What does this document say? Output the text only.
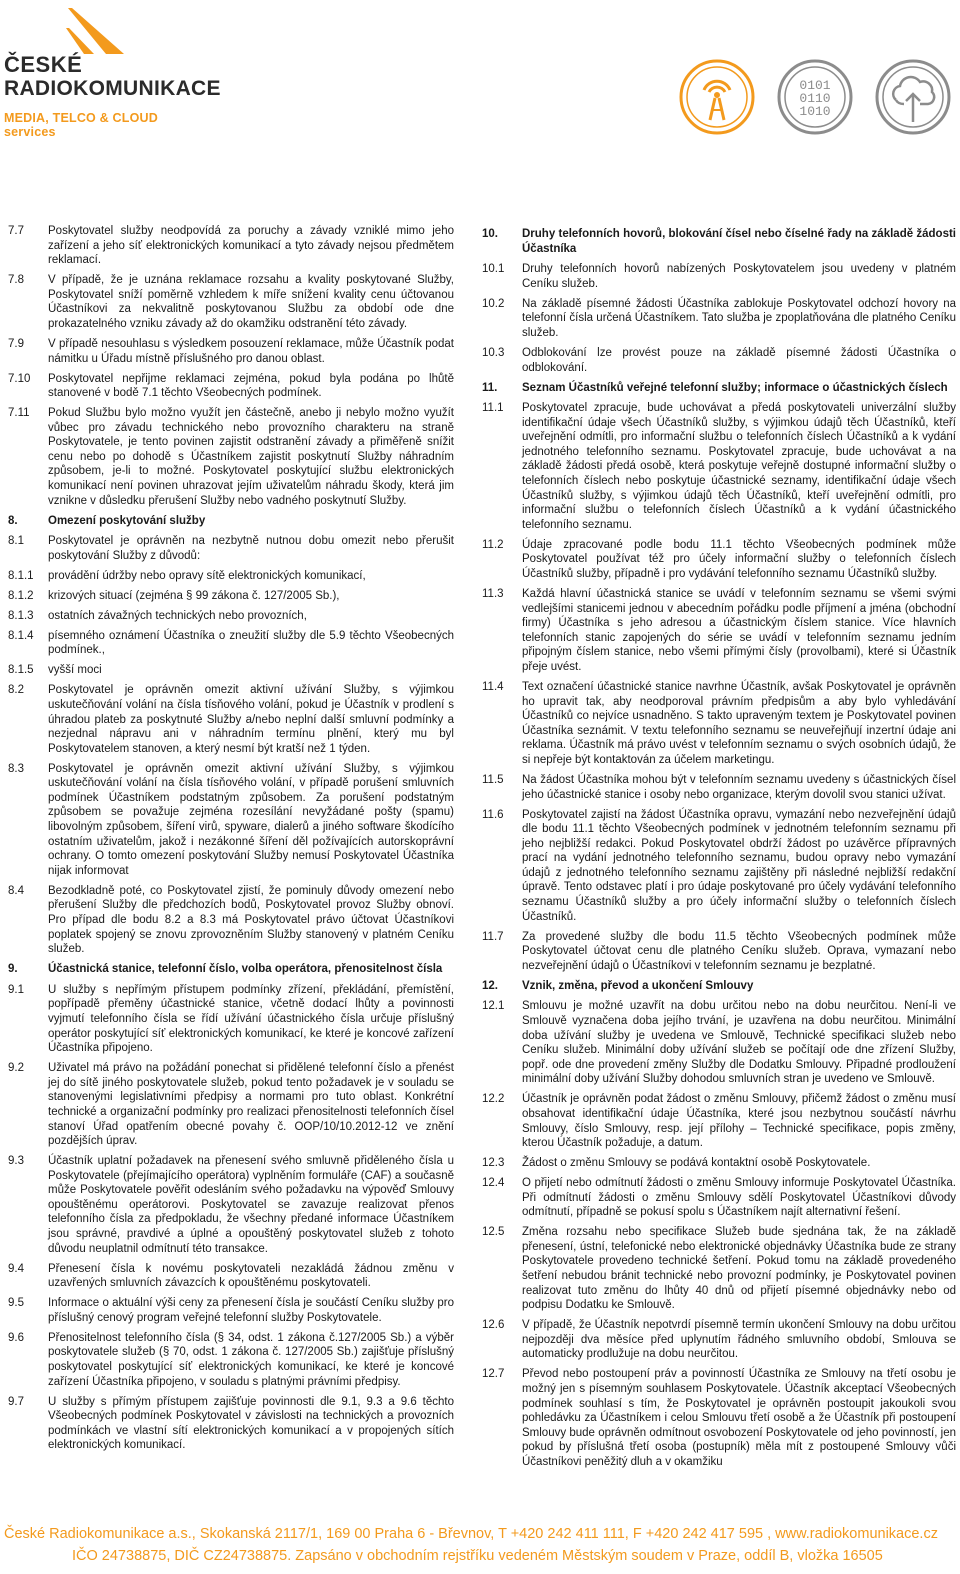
ČESKÉ
RADIOKOMUNIKACE
MEDIA, TELCO & CLOUD services
0101
0110
1010
7.7	Poskytovatel služby neodpovídá za poruchy a závady vzniklé mimo jeho zařízení a jeho síť elektronických komunikací a tyto závady nejsou předmětem reklamací.
7.8	V případě, že je uznána reklamace rozsahu a kvality poskytované Služby, Poskytovatel sníží poměrně vzhledem k míře snížení kvality cenu účtovanou Účastníkovi za nekvalitně poskytovanou Službu za období ode dne prokazatelného vzniku závady až do okamžiku odstranění této závady.
7.9	V případě nesouhlasu s výsledkem posouzení reklamace, může Účastník podat námitku u Úřadu místně příslušného pro danou oblast.
7.10	Poskytovatel nepřijme reklamaci zejména, pokud byla podána po lhůtě stanovené v bodě 7.1 těchto Všeobecných podmínek.
7.11	Pokud Službu bylo možno využít jen částečně, anebo ji nebylo možno využít vůbec pro závadu technického nebo provozního charakteru na straně Poskytovatele, je tento povinen zajistit odstranění závady a přiměřeně snížit cenu nebo po dohodě s Účastníkem zajistit poskytnutí Služby náhradním způsobem, je-li to možné. Poskytovatel poskytující službu elektronických komunikací není povinen uhrazovat jejím uživatelům náhradu škody, která jim vznikne v důsledku přerušení Služby nebo vadného poskytnutí Služby.
8.	Omezení poskytování služby
8.1	Poskytovatel je oprávněn na nezbytně nutnou dobu omezit nebo přerušit poskytování Služby z důvodů:
8.1.1	provádění údržby nebo opravy sítě elektronických komunikací,
8.1.2	krizových situací (zejména § 99 zákona č. 127/2005 Sb.),
8.1.3	ostatních závažných technických nebo provozních,
8.1.4	písemného oznámení Účastníka o zneužití služby dle 5.9 těchto Všeobecných podmínek.,
8.1.5	vyšší moci
8.2	Poskytovatel je oprávněn omezit aktivní užívání Služby, s výjimkou uskutečňování volání na čísla tísňového volání, pokud je Účastník v prodlení s úhradou plateb za poskytnuté Služby a/nebo neplní další smluvní podmínky a nezjednal nápravu ani v náhradním termínu plnění, který mu byl Poskytovatelem stanoven, a který nesmí být kratší než 1 týden.
8.3	Poskytovatel je oprávněn omezit aktivní užívání Služby, s výjimkou uskutečňování volání na čísla tísňového volání, v případě porušení smluvních podmínek Účastníkem podstatným způsobem. Za porušení podstatným způsobem se považuje zejména rozesílání nevyžádané pošty (spamu) libovolným způsobem, šíření virů, spyware, dialerů a jiného software škodícího ostatním uživatelům, jakož i nezákonné šíření děl požívajících autorskoprávní ochrany. O tomto omezení poskytování Služby nemusí Poskytovatel Účastníka nijak informovat
8.4	Bezodkladně poté, co Poskytovatel zjistí, že pominuly důvody omezení nebo přerušení Služby dle předchozích bodů, Poskytovatel provoz Služby obnoví. Pro případ dle bodu 8.2 a 8.3 má Poskytovatel právo účtovat Účastníkovi poplatek spojený se znovu zprovozněním Služby stanovený v platném Ceníku služeb.
9.	Účastnická stanice, telefonní číslo, volba operátora, přenositelnost čísla
9.1	U služby s nepřímým přístupem podmínky zřízení, překládání, přemístění, popřípadě přeměny účastnické stanice, včetně dodací lhůty a povinnosti vyjmutí telefonního čísla se řídí užívání účastnického čísla určuje příslušný operátor poskytující síť elektronických komunikací, ke které je koncové zařízení Účastníka připojeno.
9.2	Uživatel má právo na požádání ponechat si přidělené telefonní číslo a přenést jej do sítě jiného poskytovatele služeb, pokud tento požadavek je v souladu se stanovenými legislativními předpisy a normami pro tuto oblast. Konkrétní technické a organizační podmínky pro realizaci přenositelnosti telefonních čísel stanoví Úřad opatřením obecné povahy č. OOP/10/10.2012-12 ve znění pozdějších úprav.
9.3	Účastník uplatní požadavek na přenesení svého smluvně přiděleného čísla u Poskytovatele (přejímajícího operátora) vyplněním formuláře (CAF) a současně může Poskytovatele pověřit odesláním svého požadavku na výpověď Smlouvy opouštěnému operátorovi. Poskytovatel se zavazuje realizovat přenos telefonního čísla za předpokladu, že všechny předané informace Účastníkem jsou správné, pravdivé a úplné a opouštěný poskytovatel služeb z tohoto důvodu neuplatnil odmítnutí této transakce.
9.4	Přenesení čísla k novému poskytovateli nezakládá žádnou změnu v uzavřených smluvních závazcích k opouštěnému poskytovateli.
9.5	Informace o aktuální výši ceny za přenesení čísla je součástí Ceníku služby pro příslušný cenový program veřejné telefonní služby Poskytovatele.
9.6	Přenositelnost telefonního čísla (§ 34, odst. 1 zákona č.127/2005 Sb.) a výběr poskytovatele služeb (§ 70, odst. 1 zákona č. 127/2005 Sb.) zajišťuje příslušný poskytovatel poskytující síť elektronických komunikací, ke které je koncové zařízení Účastníka připojeno, v souladu s platnými právními předpisy.
9.7	U služby s přímým přístupem zajišťuje povinnosti dle 9.1, 9.3 a 9.6 těchto Všeobecných podmínek Poskytovatel v závislosti na technických a provozních podmínkách ve vlastní sítí elektronických komunikací a v propojených sítích elektronických komunikací.
10.	Druhy telefonních hovorů, blokování čísel nebo číselné řady na základě žádosti Účastníka
10.1	Druhy telefonních hovorů nabízených Poskytovatelem jsou uvedeny v platném Ceníku služeb.
10.2	Na základě písemné žádosti Účastníka zablokuje Poskytovatel odchozí hovory na telefonní čísla určená Účastníkem. Tato služba je zpoplatňována dle platného Ceníku služeb.
10.3	Odblokování lze provést pouze na základě písemné žádosti Účastníka o odblokování.
11.	Seznam Účastníků veřejné telefonní služby; informace o účastnických číslech
11.1	Poskytovatel zpracuje, bude uchovávat a předá poskytovateli univerzální služby identifikační údaje všech Účastníků služby, s výjimkou údajů těch Účastníků, kteří uveřejnění odmítli, pro informační službu o telefonních číslech Účastníků a k vydání jednotného telefonního seznamu. Poskytovatel zpracuje, bude uchovávat a na základě žádosti předá osobě, která poskytuje veřejně dostupné informační služby o telefonních číslech nebo poskytuje účastnické seznamy, identifikační údaje všech Účastníků služby, s výjimkou údajů těch Účastníků, kteří uveřejnění odmítli, pro informační službu o telefonních číslech Účastníků a k vydání účastnického telefonního seznamu.
11.2	Údaje zpracované podle bodu 11.1 těchto Všeobecných podmínek může Poskytovatel používat též pro účely informační služby o telefonních číslech Účastníků služby, případně i pro vydávání telefonního seznamu Účastníků služby.
11.3	Každá hlavní účastnická stanice se uvádí v telefonním seznamu se všemi svými vedlejšími stanicemi jednou v abecedním pořádku podle příjmení a jména (obchodní firmy) Účastníka s jeho adresou a účastnickým číslem stanice. Více hlavních telefonních stanic zapojených do série se uvádí v telefonním seznamu jedním připojným číslem stanice, nebo všemi přímými čísly (provolbami), které si Účastník přeje uvést.
11.4	Text označení účastnické stanice navrhne Účastník, avšak Poskytovatel je oprávněn ho upravit tak, aby neodporoval právním předpisům a aby bylo vyhledávání Účastníků co nejvíce usnadněno. S takto upraveným textem je Poskytovatel povinen Účastníka seznámit. V textu telefonního seznamu se neuveřejňují inzertní údaje ani reklama. Účastník má právo uvést v telefonním seznamu o svých osobních údajů, že si nepřeje být kontaktován za účelem marketingu.
11.5	Na žádost Účastníka mohou být v telefonním seznamu uvedeny s účastnických čísel jeho účastnické stanice i osoby nebo organizace, kterým dovolil svou stanici užívat.
11.6	Poskytovatel zajistí na žádost Účastníka opravu, vymazání nebo nezveřejnění údajů dle bodu 11.1 těchto Všeobecných podmínek v jednotném telefonním seznamu při jeho nejbližší redakci. Pokud Poskytovatel obdrží žádost po uzávěrce přípravných prací na vydání jednotného telefonního seznamu, budou opravy nebo vymazání údajů z jednotného telefonního seznamu zajištěny při následné nejbližší redakční úpravě. Tento odstavec platí i pro údaje poskytované pro účely vydávání telefonního seznamu Účastníků služby a pro účely informační služby o telefonních číslech Účastníků.
11.7	Za provedené služby dle bodu 11.5 těchto Všeobecných podmínek může Poskytovatel účtovat cenu dle platného Ceníku služeb. Oprava, vymazaní nebo nezveřejnění údajů o Účastníkovi v telefonním seznamu je bezplatné.
12.	Vznik, změna, převod a ukončení Smlouvy
12.1	Smlouvu je možné uzavřít na dobu určitou nebo na dobu neurčitou. Není-li ve Smlouvě vyznačena doba jejího trvání, je uzavřena na dobu neurčitou. Minimální doba užívání služby je uvedena ve Smlouvě, Technické specifikaci služeb nebo Ceníku služeb. Minimální doby užívání služeb se počítají ode dne zřízení Služby, popř. ode dne provedení změny Služby dle Dodatku Smlouvy. Připadné prodloužení minimální doby užívání Služby dohodou smluvních stran je uvedeno ve Smlouvě.
12.2	Účastník je oprávněn podat žádost o změnu Smlouvy, přičemž žádost o změnu musí obsahovat identifikační údaje Účastníka, které jsou nezbytnou součástí návrhu Smlouvy, číslo Smlouvy, resp. její přílohy – Technické specifikace, popis změny, kterou Účastník požaduje, a datum.
12.3	Žádost o změnu Smlouvy se podává kontaktní osobě Poskytovatele.
12.4	O přijetí nebo odmítnutí žádosti o změnu Smlouvy informuje Poskytovatel Účastníka. Při odmítnutí žádosti o změnu Smlouvy sdělí Poskytovatel Účastníkovi důvody odmítnutí, případně se pokusí spolu s Účastníkem najít alternativní řešení.
12.5	Změna rozsahu nebo specifikace Služeb bude sjednána tak, že na základě přenesení, ústní, telefonické nebo elektronické objednávky Účastníka bude ze strany Poskytovatele provedeno technické šetření. Pokud tomu na základě provedeného šetření nebudou bránit technické nebo provozní podmínky, je Poskytovatel povinen realizovat tuto změnu do lhůty 40 dnů od přijetí písemné objednávky nebo od podpisu Dodatku ke Smlouvě.
12.6	V případě, že Účastník nepotvrdí písemně termín ukončení Smlouvy na dobu určitou nejpozději dva měsíce před uplynutím řádného smluvního období, Smlouva se automaticky prodlužuje na dobu neurčitou.
12.7	Převod nebo postoupení práv a povinností Účastníka ze Smlouvy na třetí osobu je možný jen s písemným souhlasem Poskytovatele. Účastník akceptací Všeobecných podmínek souhlasí s tím, že Poskytovatel je oprávněn postoupit jakoukoli svou pohledávku za Účastníkem i celou Smlouvu třetí osobě a že Účastník při postoupení Smlouvy bude oprávněn odmítnout osvobození Poskytovatele od jeho povinností, jen pokud by příslušná třetí osoba (postupník) měla mít z postoupené Smlouvy vůči Účastníkovi peněžitý dluh a v okamžiku
České Radiokomunikace a.s., Skokanská 2117/1, 169 00 Praha 6 - Břevnov, T +420 242 411 111, F +420 242 417 595 , www.radiokomunikace.cz
IČO 24738875, DIČ CZ24738875. Zapsáno v obchodním rejstříku vedeném Městským soudem v Praze, oddíl B, vložka 16505
